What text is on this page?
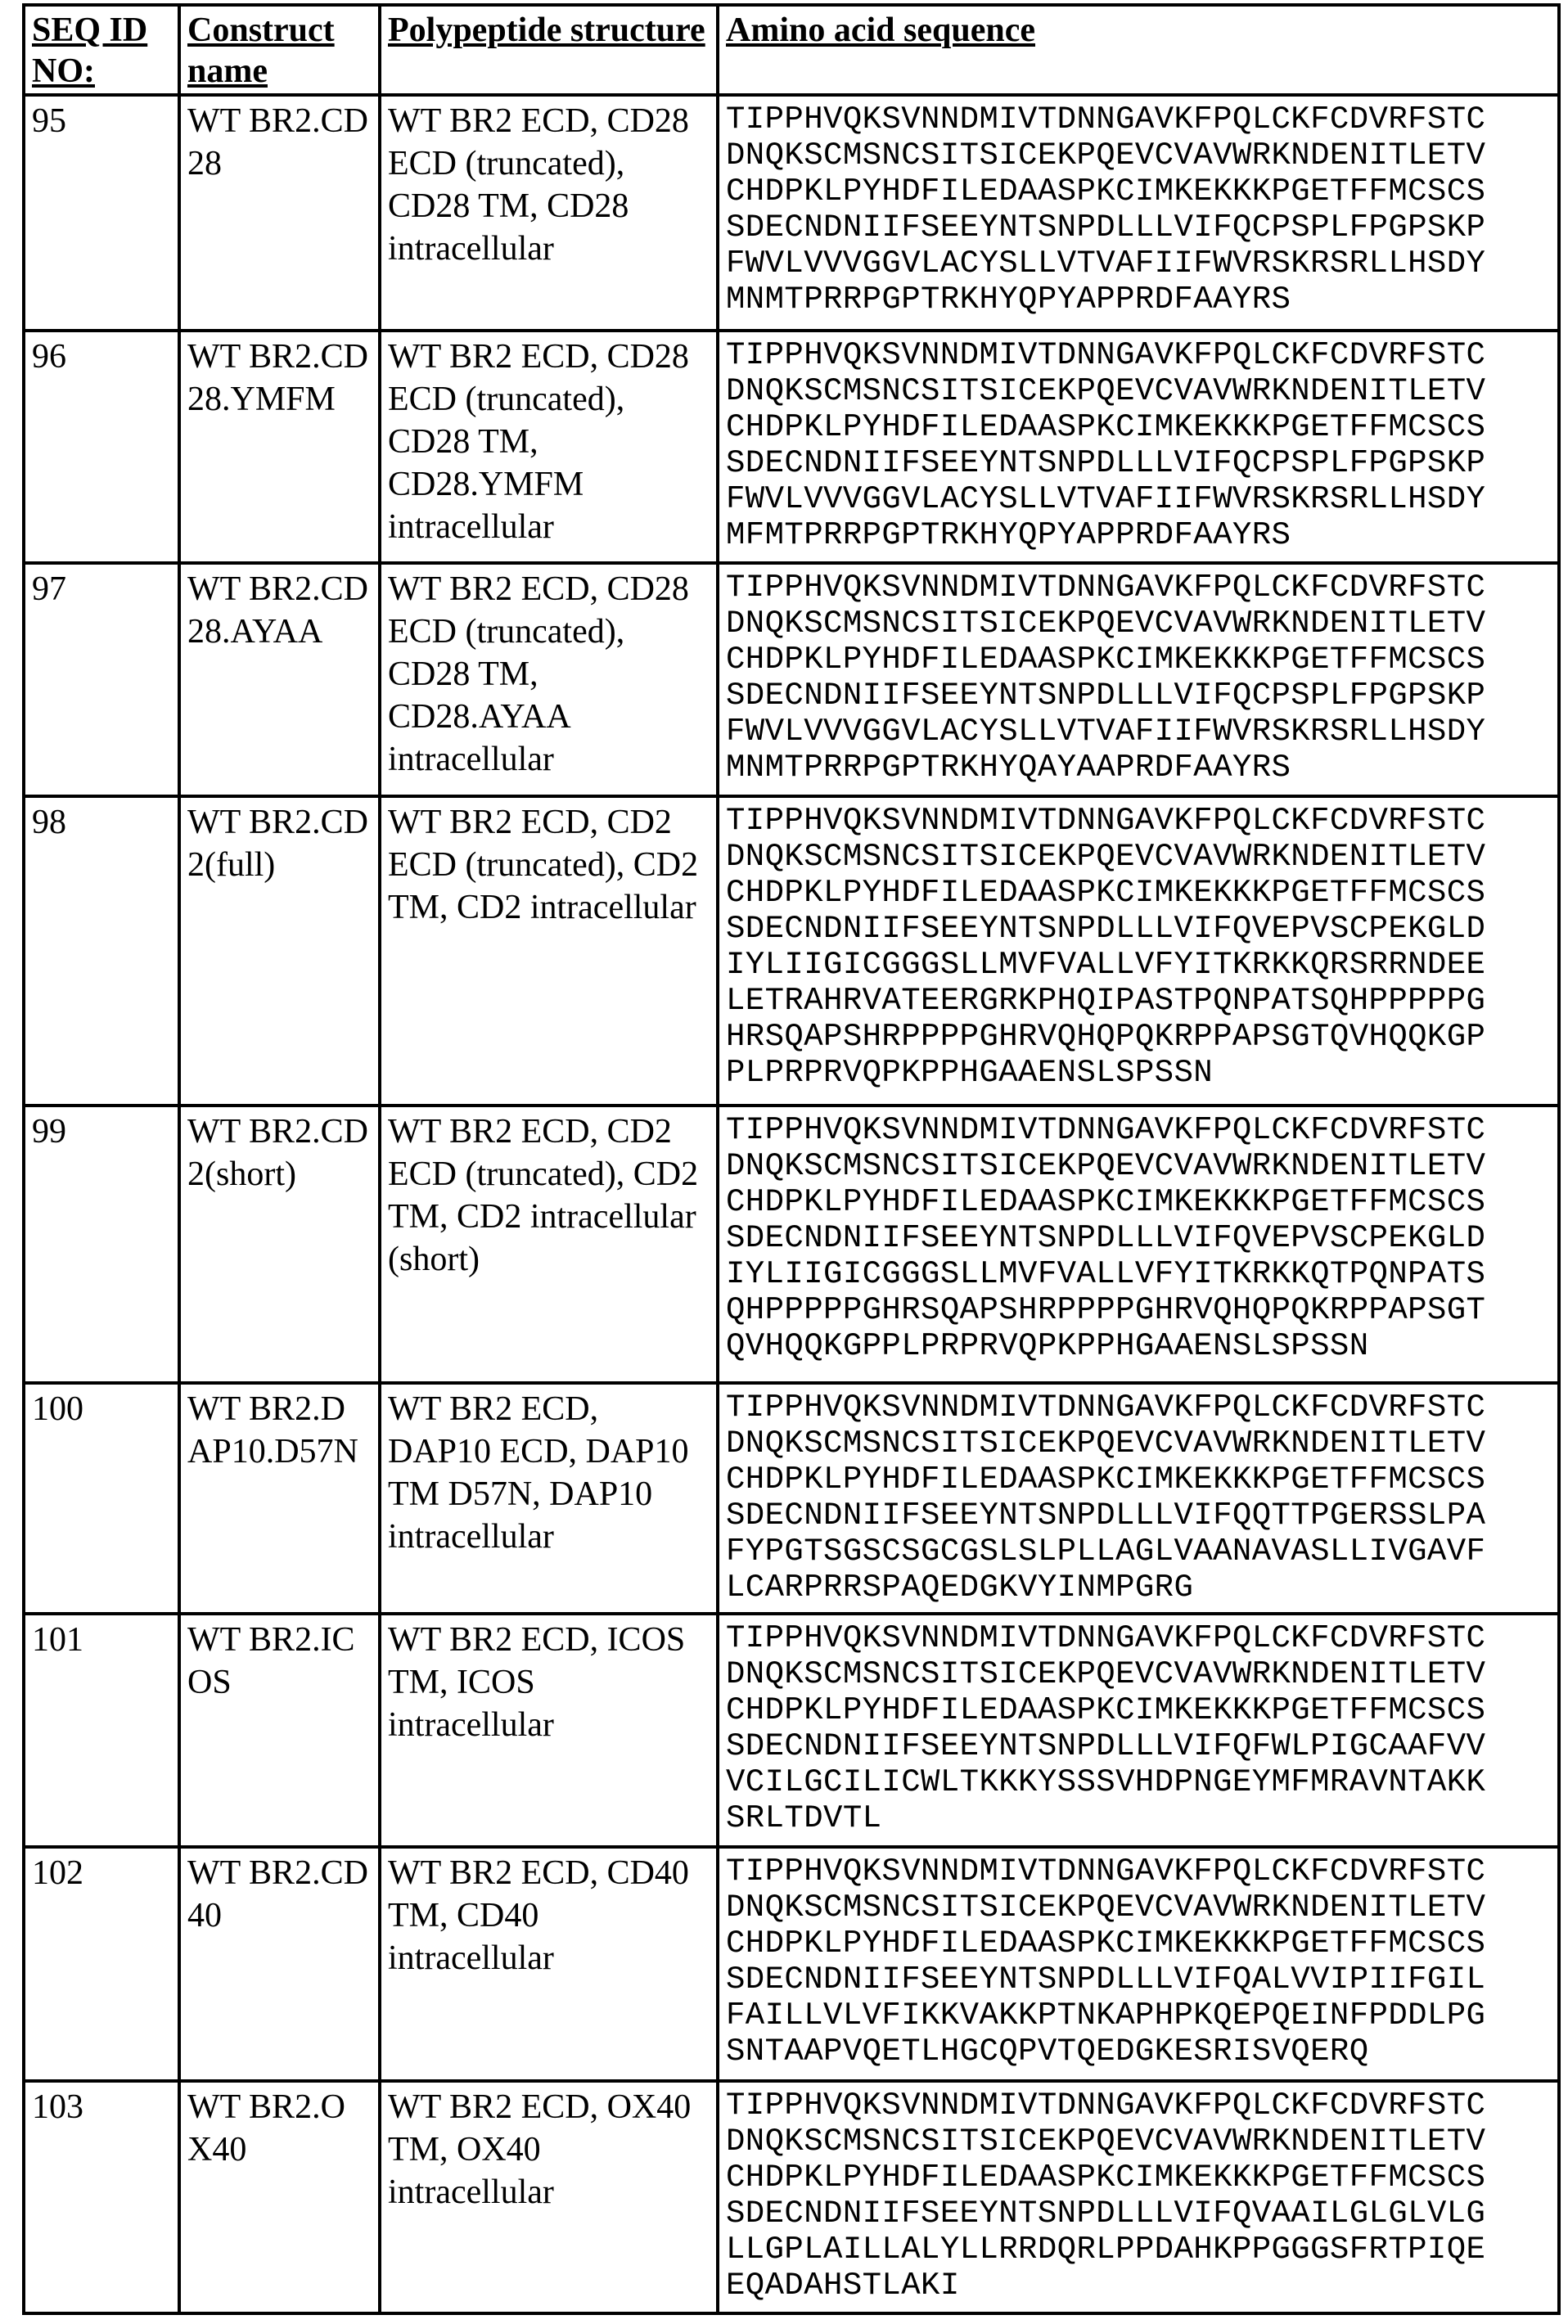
SEQ ID NO:	Construct name	Polypeptide structure	Amino acid sequence
95	WT BR2.CD28	WT BR2 ECD, CD28 ECD (truncated), CD28 TM, CD28 intracellular	
TIPPHVQKSVNNDMIVTDNNGAVKFPQLCKFCDVRFSTC
DNQKSCMSNCSITSICEKPQEVCVAVWRKNDENITLETV
CHDPKLPYHDFILEDAASPKCIMKEKKKPGETFFMCSCS
SDECNDNIIFSEEYNTSNPDLLLVIFQCPSPLFPGPSKP
FWVLVVVGGVLACYSLLVTVAFIIFWVRSKRSRLLHSDY
MNMTPRRPGPTRKHYQPYAPPRDFAAYRS

96	WT BR2.CD28.YMFM	WT BR2 ECD, CD28 ECD (truncated), CD28 TM, CD28.YMFM intracellular	
TIPPHVQKSVNNDMIVTDNNGAVKFPQLCKFCDVRFSTC
DNQKSCMSNCSITSICEKPQEVCVAVWRKNDENITLETV
CHDPKLPYHDFILEDAASPKCIMKEKKKPGETFFMCSCS
SDECNDNIIFSEEYNTSNPDLLLVIFQCPSPLFPGPSKP
FWVLVVVGGVLACYSLLVTVAFIIFWVRSKRSRLLHSDY
MFMTPRRPGPTRKHYQPYAPPRDFAAYRS

97	WT BR2.CD28.AYAA	WT BR2 ECD, CD28 ECD (truncated), CD28 TM, CD28.AYAA intracellular	
TIPPHVQKSVNNDMIVTDNNGAVKFPQLCKFCDVRFSTC
DNQKSCMSNCSITSICEKPQEVCVAVWRKNDENITLETV
CHDPKLPYHDFILEDAASPKCIMKEKKKPGETFFMCSCS
SDECNDNIIFSEEYNTSNPDLLLVIFQCPSPLFPGPSKP
FWVLVVVGGVLACYSLLVTVAFIIFWVRSKRSRLLHSDY
MNMTPRRPGPTRKHYQAYAAPRDFAAYRS

98	WT BR2.CD2(full)	WT BR2 ECD, CD2 ECD (truncated), CD2 TM, CD2 intracellular	
TIPPHVQKSVNNDMIVTDNNGAVKFPQLCKFCDVRFSTC
DNQKSCMSNCSITSICEKPQEVCVAVWRKNDENITLETV
CHDPKLPYHDFILEDAASPKCIMKEKKKPGETFFMCSCS
SDECNDNIIFSEEYNTSNPDLLLVIFQVEPVSCPEKGLD
IYLIIGICGGGSLLMVFVALLVFYITKRKKQRSRRNDEE
LETRAHRVATEERGRKPHQIPASTPQNPATSQHPPPPPG
HRSQAPSHRPPPPGHRVQHQPQKRPPAPSGTQVHQQKGP
PLPRPRVQPKPPHGAAENSLSPSSN

99	WT BR2.CD2(short)	WT BR2 ECD, CD2 ECD (truncated), CD2 TM, CD2 intracellular (short)	
TIPPHVQKSVNNDMIVTDNNGAVKFPQLCKFCDVRFSTC
DNQKSCMSNCSITSICEKPQEVCVAVWRKNDENITLETV
CHDPKLPYHDFILEDAASPKCIMKEKKKPGETFFMCSCS
SDECNDNIIFSEEYNTSNPDLLLVIFQVEPVSCPEKGLD
IYLIIGICGGGSLLMVFVALLVFYITKRKKQTPQNPATS
QHPPPPPGHRSQAPSHRPPPPGHRVQHQPQKRPPAPSGT
QVHQQKGPPLPRPRVQPKPPHGAAENSLSPSSN

100	WT BR2.DAP10.D57N	WT BR2 ECD, DAP10 ECD, DAP10 TM D57N, DAP10 intracellular	
TIPPHVQKSVNNDMIVTDNNGAVKFPQLCKFCDVRFSTC
DNQKSCMSNCSITSICEKPQEVCVAVWRKNDENITLETV
CHDPKLPYHDFILEDAASPKCIMKEKKKPGETFFMCSCS
SDECNDNIIFSEEYNTSNPDLLLVIFQQTTPGERSSLPA
FYPGTSGSCSGCGSLSLPLLAGLVAANAVASLLIVGAVF
LCARPRRSPAQEDGKVYINMPGRG

101	WT BR2.ICOS	WT BR2 ECD, ICOS TM, ICOS intracellular	
TIPPHVQKSVNNDMIVTDNNGAVKFPQLCKFCDVRFSTC
DNQKSCMSNCSITSICEKPQEVCVAVWRKNDENITLETV
CHDPKLPYHDFILEDAASPKCIMKEKKKPGETFFMCSCS
SDECNDNIIFSEEYNTSNPDLLLVIFQFWLPIGCAAFVV
VCILGCILICWLTKKKYSSSVHDPNGEYMFMRAVNTAKK
SRLTDVTL

102	WT BR2.CD40	WT BR2 ECD, CD40 TM, CD40 intracellular	
TIPPHVQKSVNNDMIVTDNNGAVKFPQLCKFCDVRFSTC
DNQKSCMSNCSITSICEKPQEVCVAVWRKNDENITLETV
CHDPKLPYHDFILEDAASPKCIMKEKKKPGETFFMCSCS
SDECNDNIIFSEEYNTSNPDLLLVIFQALVVIPIIFGIL
FAILLVLVFIKKVAKKPTNKAPHPKQEPQEINFPDDLPG
SNTAAPVQETLHGCQPVTQEDGKESRISVQERQ

103	WT BR2.OX40	WT BR2 ECD, OX40 TM, OX40 intracellular	
TIPPHVQKSVNNDMIVTDNNGAVKFPQLCKFCDVRFSTC
DNQKSCMSNCSITSICEKPQEVCVAVWRKNDENITLETV
CHDPKLPYHDFILEDAASPKCIMKEKKKPGETFFMCSCS
SDECNDNIIFSEEYNTSNPDLLLVIFQVAAILGLGLVLG
LLGPLAILLALYLLRRDQRLPPDAHKPPGGGSFRTPIQE
EQADAHSTLAKI
